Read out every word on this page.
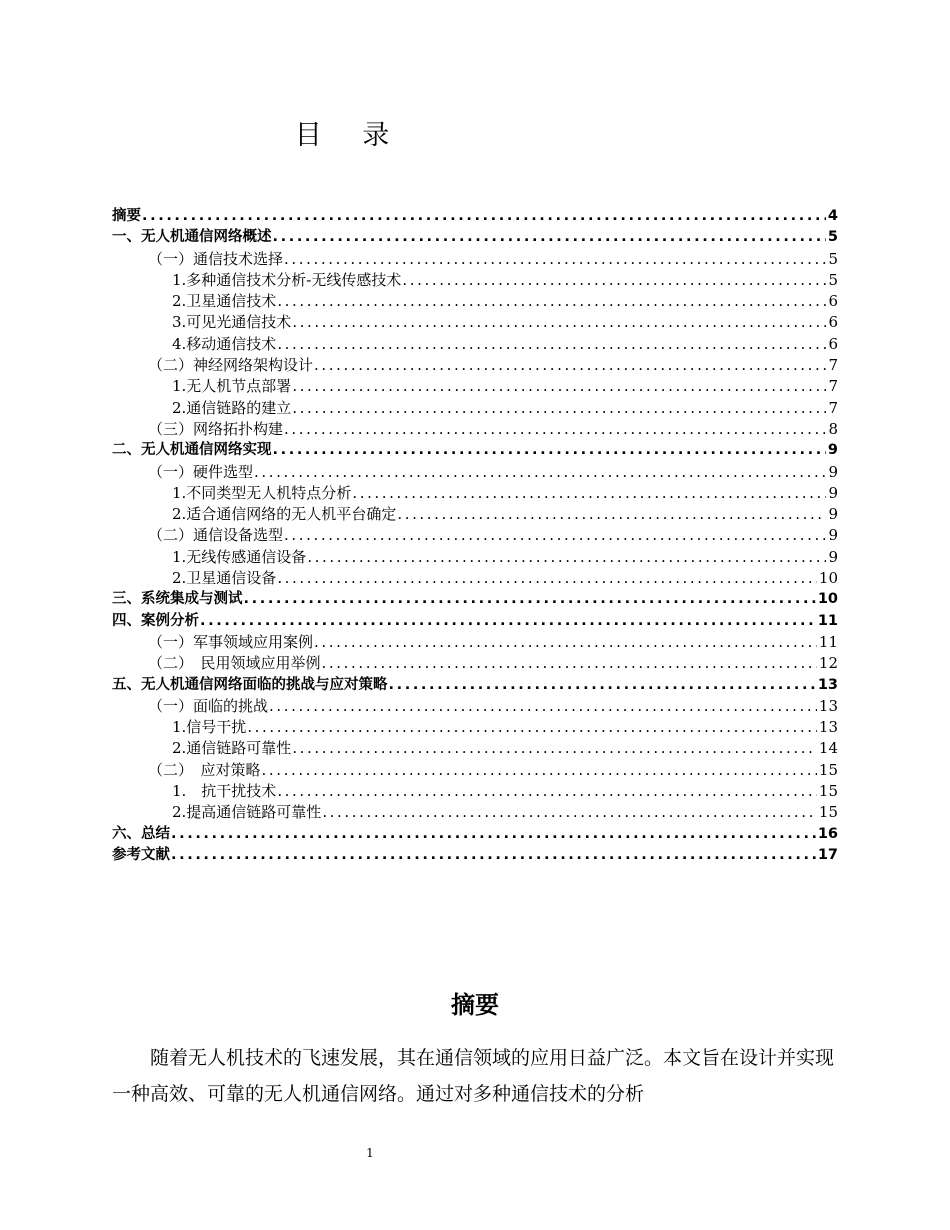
目 录
摘要 .....	4
一、无人机通信网络概述 .....	5
（一）通信技术选择 .....	5
1.多种通信技术分析-无线传感技术 .....	5
2.卫星通信技术 .....	6
3.可见光通信技术 .....	6
4.移动通信技术 .....	6
（二）神经网络架构设计 .....	7
1.无人机节点部署 .....	7
2.通信链路的建立 .....	7
（三）网络拓扑构建 .....	8
二、无人机通信网络实现 .....	9
（一）硬件选型 .....	9
1.不同类型无人机特点分析 .....	9
2.适合通信网络的无人机平台确定 .....	9
（二）通信设备选型 .....	9
1.无线传感通信设备 .....	9
2.卫星通信设备 .....	10
三、系统集成与测试 .....	10
四、案例分析 .....	11
（一）军事领域应用案例 .....	11
（二）　民用领域应用举例 .....	12
五、无人机通信网络面临的挑战与应对策略 .....	13
（一）面临的挑战 .....	13
1.信号干扰 .....	13
2.通信链路可靠性 .....	14
（二）　应对策略 .....	15
1.　抗干扰技术 .....	15
2.提高通信链路可靠性 .....	15
六、总结 .....	16
参考文献 .....	17
摘要
随着无人机技术的飞速发展，其在通信领域的应用日益广泛。本文旨在设计并实现一种高效、可靠的无人机通信网络。通过对多种通信技术的分析
1
